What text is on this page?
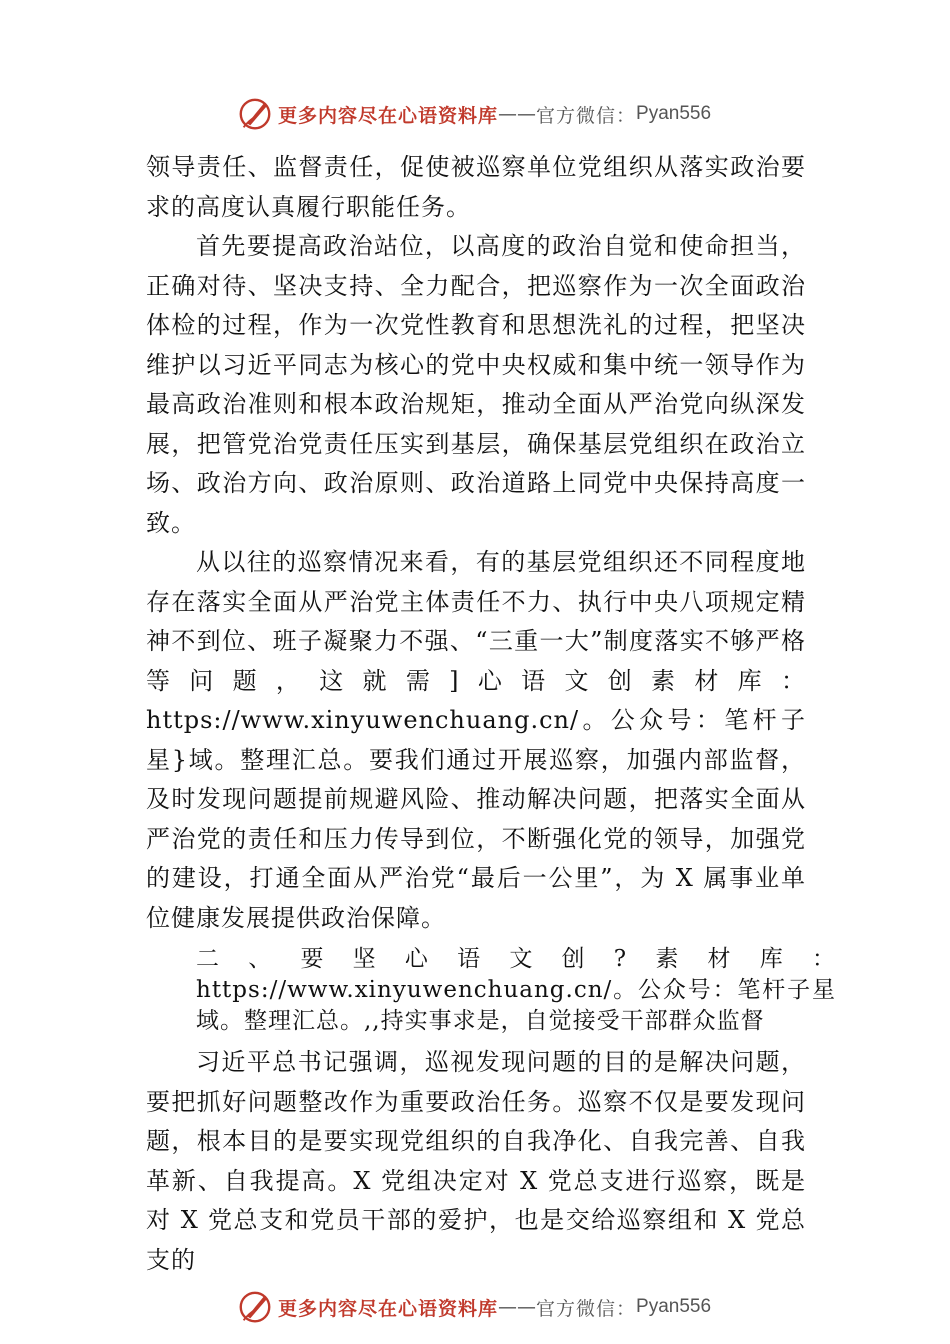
更多内容尽在心语资料库 —— 官方微信： Pyan556

领导责任、监督责任，促使被巡察单位党组织从落实政治要求的高度认真履行职能任务。

首先要提高政治站位，以高度的政治自觉和使命担当，正确对待、坚决支持、全力配合，把巡察作为一次全面政治体检的过程，作为一次党性教育和思想洗礼的过程，把坚决维护以习近平同志为核心的党中央权威和集中统一领导作为最高政治准则和根本政治规矩，推动全面从严治党向纵深发展，把管党治党责任压实到基层，确保基层党组织在政治立场、政治方向、政治原则、政治道路上同党中央保持高度一致。

从以往的巡察情况来看，有的基层党组织还不同程度地存在落实全面从严治党主体责任不力、执行中央八项规定精神不到位、班子凝聚力不强、“三重一大”制度落实不够严格等问题，这就需]心语文创素材库：https://www.xinyuwenchuang.cn/。公众号：笔杆子星}域。整理汇总。要我们通过开展巡察，加强内部监督，及时发现问题提前规避风险、推动解决问题，把落实全面从严治党的责任和压力传导到位，不断强化党的领导，加强党的建设，打通全面从严治党“最后一公里”，为 X 属事业单位健康发展提供政治保障。

二、要坚心语文创?素材库：https://www.xinyuwenchuang.cn/。公众号：笔杆子星域。整理汇总。,,持实事求是，自觉接受干部群众监督

习近平总书记强调，巡视发现问题的目的是解决问题，要把抓好问题整改作为重要政治任务。巡察不仅是要发现问题，根本目的是要实现党组织的自我净化、自我完善、自我革新、自我提高。X 党组决定对 X 党总支进行巡察，既是对 X 党总支和党员干部的爱护，也是交给巡察组和 X 党总支的

更多内容尽在心语资料库 —— 官方微信： Pyan556
